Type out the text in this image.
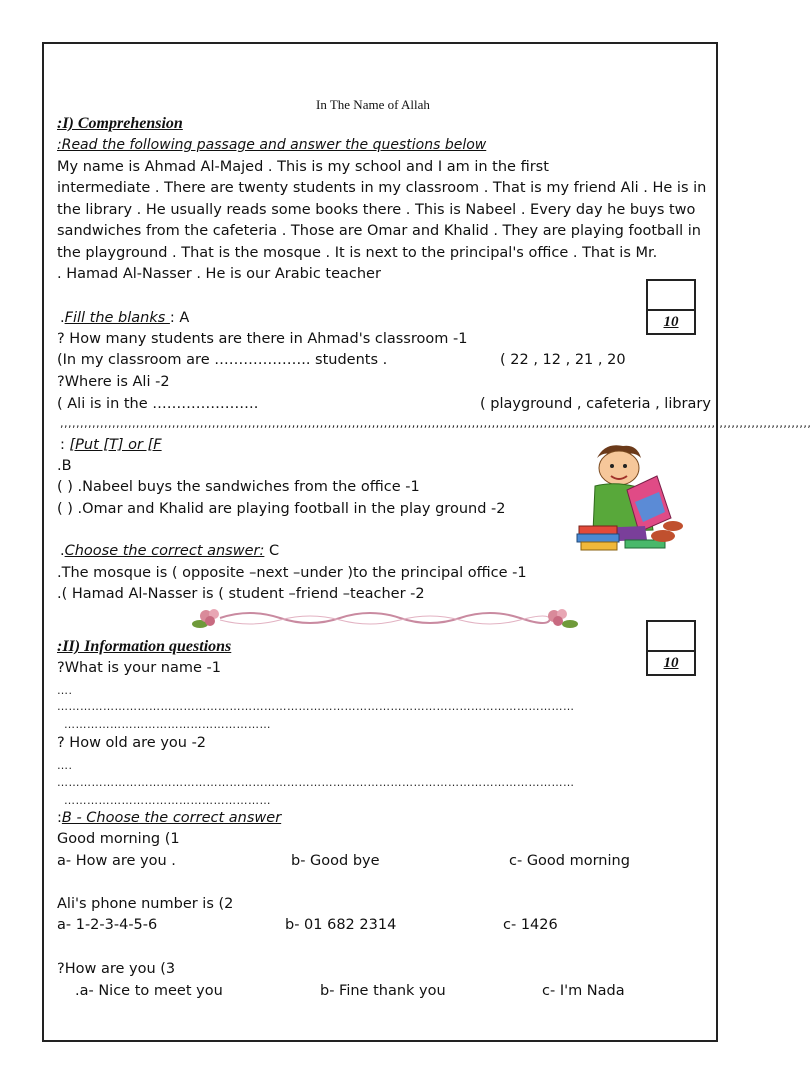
In The Name of Allah
:I) Comprehension
:Read the following passage and answer the questions below
My name is Ahmad Al-Majed . This is my school and I am in the first
intermediate . There are twenty students in my classroom . That is my friend Ali . He is in
the library . He usually reads some books there . This is Nabeel . Every day he buys two
sandwiches from the cafeteria . Those are Omar and Khalid . They are playing football in
the playground . That is the mosque . It is next to the principal's office . That is Mr.
. Hamad Al-Nasser . He is our Arabic teacher
10
.Fill the blanks : A
? How many students are there in Ahmad's classroom -1
(In my classroom are ……………….. students .	( 22 , 12 , 21 , 20
?Where is Ali -2
( Ali is in the ………………….	( playground , cafeteria , library
,,,,,,,,,,,,,,,,,,,,,,,,,,,,,,,,,,,,,,,,,,,,,,,,,,,,,,,,,,,,,,,,,,,,,,,,,,,,,,,,,,,,,,,,,,,,,,,,,,,,,,,,,,,,,,,,,,,,,,,,,,,,,,,,,,,,,,,,,,,,,,,,,,,,,,,,,,,,,,,,,,,,,,,,,,,,,,,,,,,,,,,,,,,,
: [Put [T] or [F
.B
( ) .Nabeel buys the sandwiches from the office -1
( ) .Omar and Khalid are playing football in the play ground -2
.Choose the correct answer: C
.The mosque is ( opposite –next –under )to the principal office -1
.( Hamad Al-Nasser is ( student –friend –teacher -2
:II) Information questions
10
?What is your name -1
….
………………………………………………………………………………………………………………………
………………………………………………
? How old are you -2
….
………………………………………………………………………………………………………………………
………………………………………………
:B - Choose the correct answer
Good morning (1
a- How are you .	b- Good bye	c- Good morning
Ali's phone number is (2
a- 1-2-3-4-5-6	b- 01 682 2314	c- 1426
?How are you (3
.a- Nice to meet you	b- Fine thank you	c- I'm Nada
